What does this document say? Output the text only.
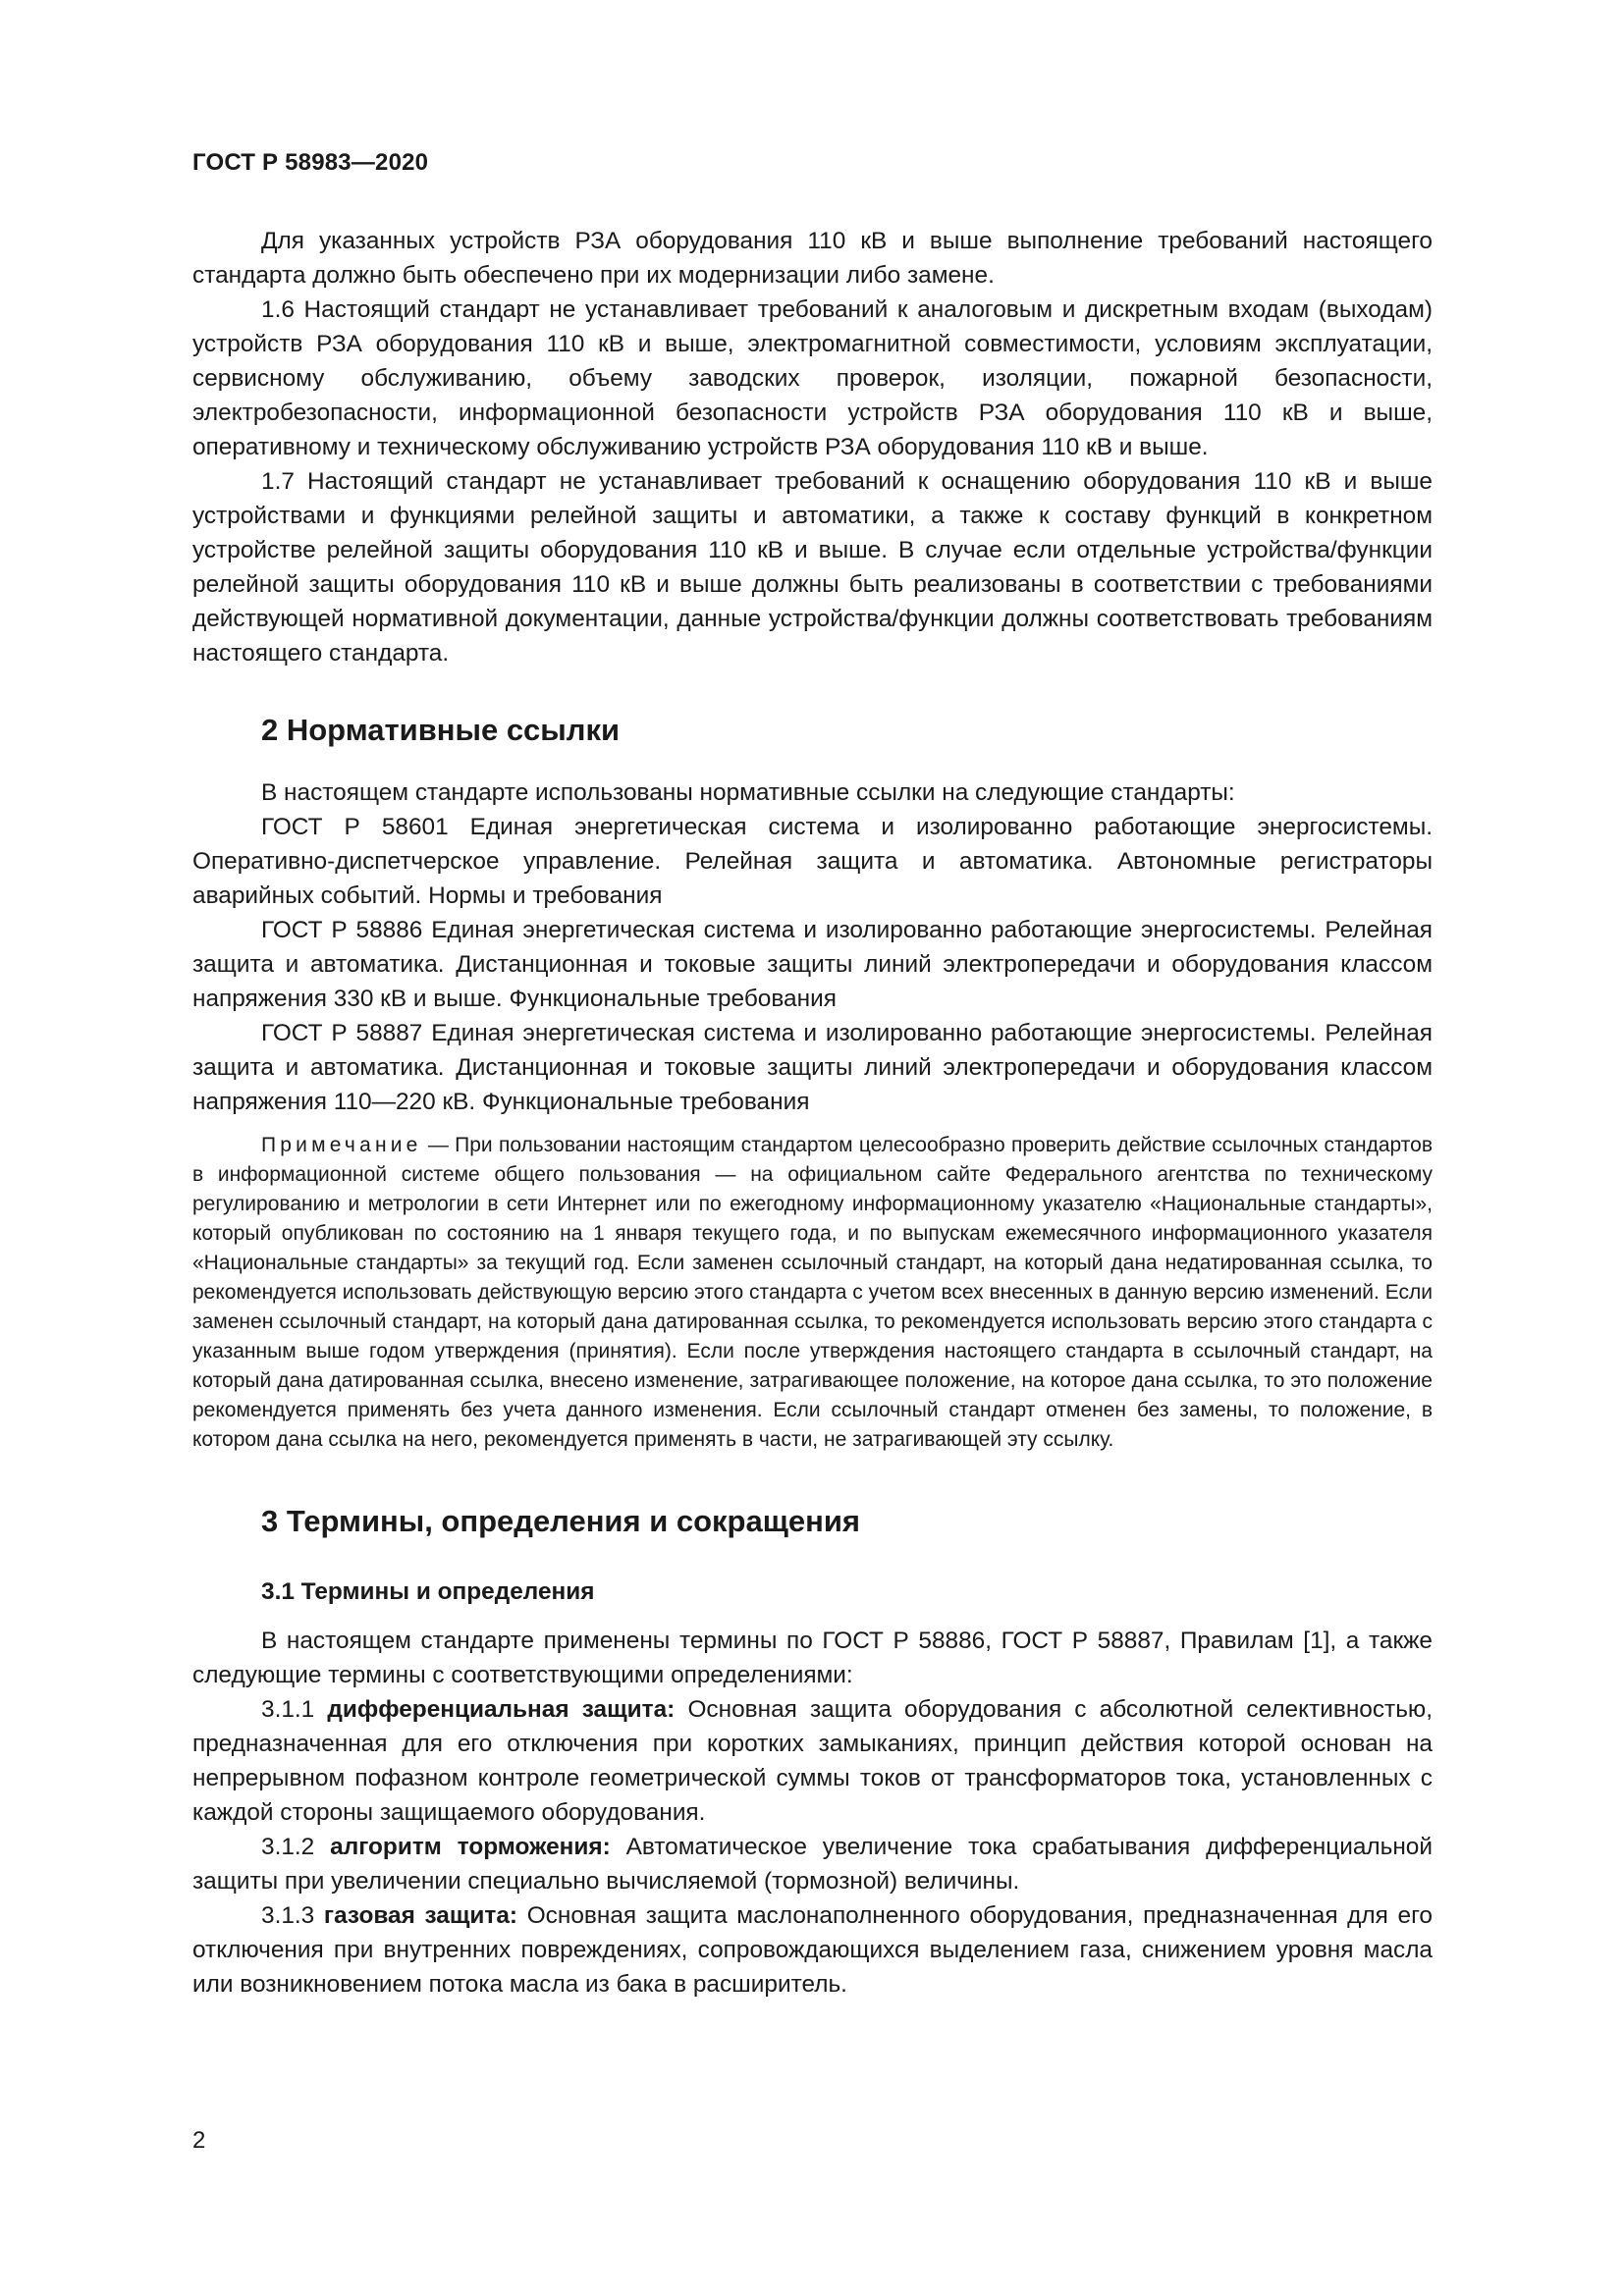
ГОСТ Р 58983—2020

Для указанных устройств РЗА оборудования 110 кВ и выше выполнение требований настоящего стандарта должно быть обеспечено при их модернизации либо замене.

1.6 Настоящий стандарт не устанавливает требований к аналоговым и дискретным входам (выходам) устройств РЗА оборудования 110 кВ и выше, электромагнитной совместимости, условиям эксплуатации, сервисному обслуживанию, объему заводских проверок, изоляции, пожарной безопасности, электробезопасности, информационной безопасности устройств РЗА оборудования 110 кВ и выше, оперативному и техническому обслуживанию устройств РЗА оборудования 110 кВ и выше.

1.7 Настоящий стандарт не устанавливает требований к оснащению оборудования 110 кВ и выше устройствами и функциями релейной защиты и автоматики, а также к составу функций в конкретном устройстве релейной защиты оборудования 110 кВ и выше. В случае если отдельные устройства/функции релейной защиты оборудования 110 кВ и выше должны быть реализованы в соответствии с требованиями действующей нормативной документации, данные устройства/функции должны соответствовать требованиям настоящего стандарта.

2 Нормативные ссылки

В настоящем стандарте использованы нормативные ссылки на следующие стандарты:

ГОСТ Р 58601 Единая энергетическая система и изолированно работающие энергосистемы. Оперативно-диспетчерское управление. Релейная защита и автоматика. Автономные регистраторы аварийных событий. Нормы и требования

ГОСТ Р 58886 Единая энергетическая система и изолированно работающие энергосистемы. Релейная защита и автоматика. Дистанционная и токовые защиты линий электропередачи и оборудования классом напряжения 330 кВ и выше. Функциональные требования

ГОСТ Р 58887 Единая энергетическая система и изолированно работающие энергосистемы. Релейная защита и автоматика. Дистанционная и токовые защиты линий электропередачи и оборудования классом напряжения 110—220 кВ. Функциональные требования

Примечание — При пользовании настоящим стандартом целесообразно проверить действие ссылочных стандартов в информационной системе общего пользования — на официальном сайте Федерального агентства по техническому регулированию и метрологии в сети Интернет или по ежегодному информационному указателю «Национальные стандарты», который опубликован по состоянию на 1 января текущего года, и по выпускам ежемесячного информационного указателя «Национальные стандарты» за текущий год. Если заменен ссылочный стандарт, на который дана недатированная ссылка, то рекомендуется использовать действующую версию этого стандарта с учетом всех внесенных в данную версию изменений. Если заменен ссылочный стандарт, на который дана датированная ссылка, то рекомендуется использовать версию этого стандарта с указанным выше годом утверждения (принятия). Если после утверждения настоящего стандарта в ссылочный стандарт, на который дана датированная ссылка, внесено изменение, затрагивающее положение, на которое дана ссылка, то это положение рекомендуется применять без учета данного изменения. Если ссылочный стандарт отменен без замены, то положение, в котором дана ссылка на него, рекомендуется применять в части, не затрагивающей эту ссылку.

3 Термины, определения и сокращения
3.1 Термины и определения

В настоящем стандарте применены термины по ГОСТ Р 58886, ГОСТ Р 58887, Правилам [1], а также следующие термины с соответствующими определениями:

3.1.1 дифференциальная защита: Основная защита оборудования с абсолютной селективностью, предназначенная для его отключения при коротких замыканиях, принцип действия которой основан на непрерывном пофазном контроле геометрической суммы токов от трансформаторов тока, установленных с каждой стороны защищаемого оборудования.

3.1.2 алгоритм торможения: Автоматическое увеличение тока срабатывания дифференциальной защиты при увеличении специально вычисляемой (тормозной) величины.

3.1.3 газовая защита: Основная защита маслонаполненного оборудования, предназначенная для его отключения при внутренних повреждениях, сопровождающихся выделением газа, снижением уровня масла или возникновением потока масла из бака в расширитель.

2
